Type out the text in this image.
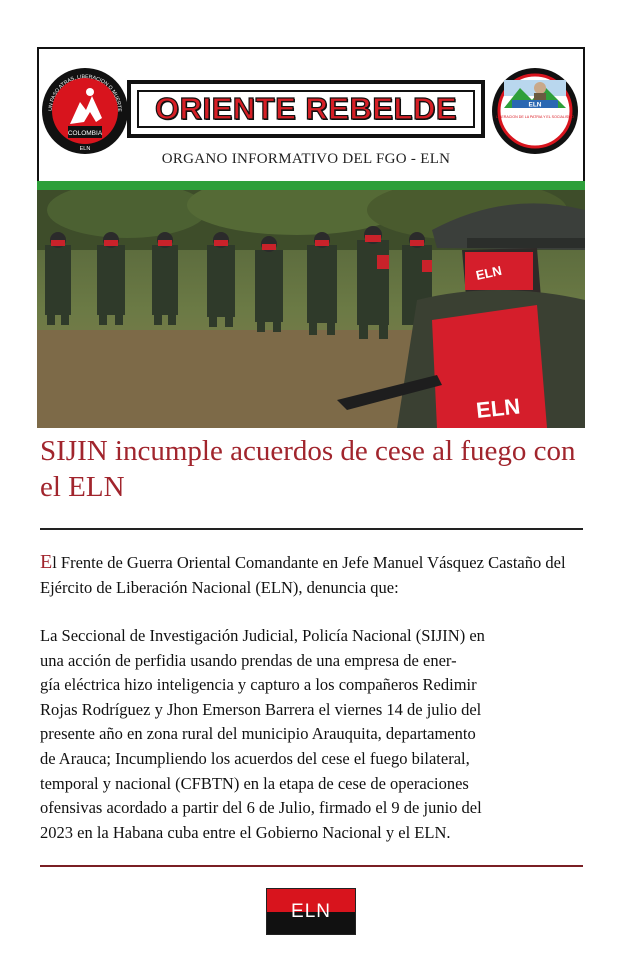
COLOMBIA
ELN
UN PASO ATRAS, LIBERACION O MUERTE ORIENTE REBELDE
ORGANO INFORMATIVO DEL FGO - ELN
ELN
LIBERACION DE LA PATRIA Y EL SOCIALISMO
ELN
ELN
SIJIN incumple acuerdos de cese al fuego con el ELN
El Frente de Guerra Oriental Comandante en Jefe Manuel Vásquez Castaño del Ejército de Liberación Nacional (ELN), denuncia que:
La Seccional de Investigación Judicial, Policía Nacional (SIJIN) en
una acción de perfidia usando prendas de una empresa de ener-
gía eléctrica hizo inteligencia y capturo a los compañeros Redimir
Rojas Rodríguez y Jhon Emerson Barrera el viernes 14 de julio del
presente año en zona rural del municipio Arauquita, departamento
de Arauca; Incumpliendo los acuerdos del cese el fuego bilateral,
temporal y nacional (CFBTN) en la etapa de cese de operaciones
ofensivas acordado a partir del 6 de Julio, firmado el 9 de junio del
2023 en la Habana cuba entre el Gobierno Nacional y el ELN.
ELN
